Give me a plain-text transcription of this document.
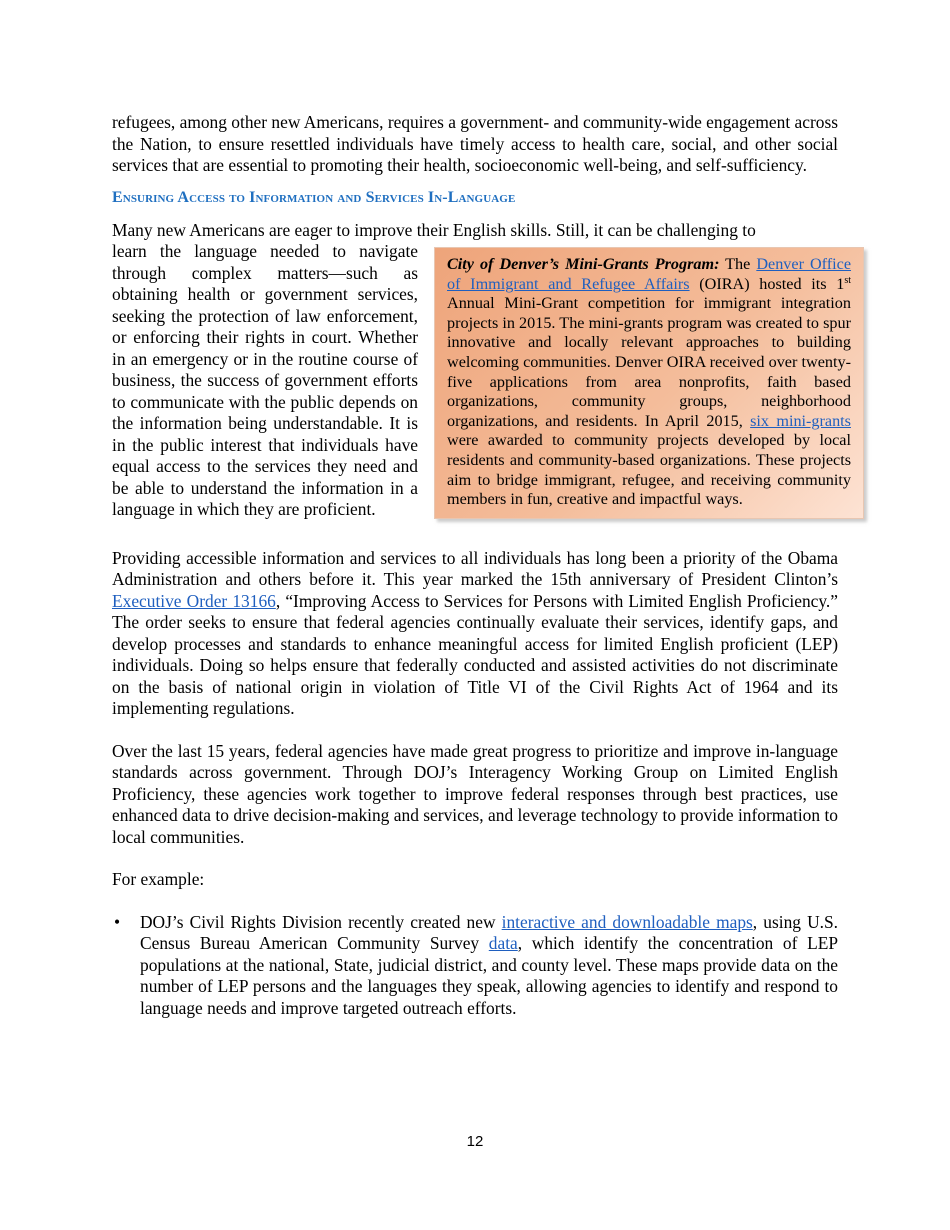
refugees, among other new Americans, requires a government- and community-wide engagement across the Nation, to ensure resettled individuals have timely access to health care, social, and other social services that are essential to promoting their health, socioeconomic well-being, and self-sufficiency.

Ensuring Access to Information and Services In-Language

Many new Americans are eager to improve their English skills. Still, it can be challenging to

City of Denver’s Mini-Grants Program: The Denver Office of Immigrant and Refugee Affairs (OIRA) hosted its 1st Annual Mini-Grant competition for immigrant integration projects in 2015. The mini-grants program was created to spur innovative and locally relevant approaches to building welcoming communities. Denver OIRA received over twenty-five applications from area nonprofits, faith based organizations, community groups, neighborhood organizations, and residents. In April 2015, six mini-grants were awarded to community projects developed by local residents and community-based organizations. These projects aim to bridge immigrant, refugee, and receiving community members in fun, creative and impactful ways.

learn the language needed to navigate through complex matters—such as obtaining health or government services, seeking the protection of law enforcement, or enforcing their rights in court. Whether in an emergency or in the routine course of business, the success of government efforts to communicate with the public depends on the information being understandable. It is in the public interest that individuals have equal access to the services they need and be able to understand the information in a language in which they are proficient.

Providing accessible information and services to all individuals has long been a priority of the Obama Administration and others before it. This year marked the 15th anniversary of President Clinton’s Executive Order 13166, “Improving Access to Services for Persons with Limited English Proficiency.” The order seeks to ensure that federal agencies continually evaluate their services, identify gaps, and develop processes and standards to enhance meaningful access for limited English proficient (LEP) individuals. Doing so helps ensure that federally conducted and assisted activities do not discriminate on the basis of national origin in violation of Title VI of the Civil Rights Act of 1964 and its implementing regulations.

Over the last 15 years, federal agencies have made great progress to prioritize and improve in-language standards across government. Through DOJ’s Interagency Working Group on Limited English Proficiency, these agencies work together to improve federal responses through best practices, use enhanced data to drive decision-making and services, and leverage technology to provide information to local communities.

For example:

• DOJ’s Civil Rights Division recently created new interactive and downloadable maps, using U.S. Census Bureau American Community Survey data, which identify the concentration of LEP populations at the national, State, judicial district, and county level. These maps provide data on the number of LEP persons and the languages they speak, allowing agencies to identify and respond to language needs and improve targeted outreach efforts.
12
